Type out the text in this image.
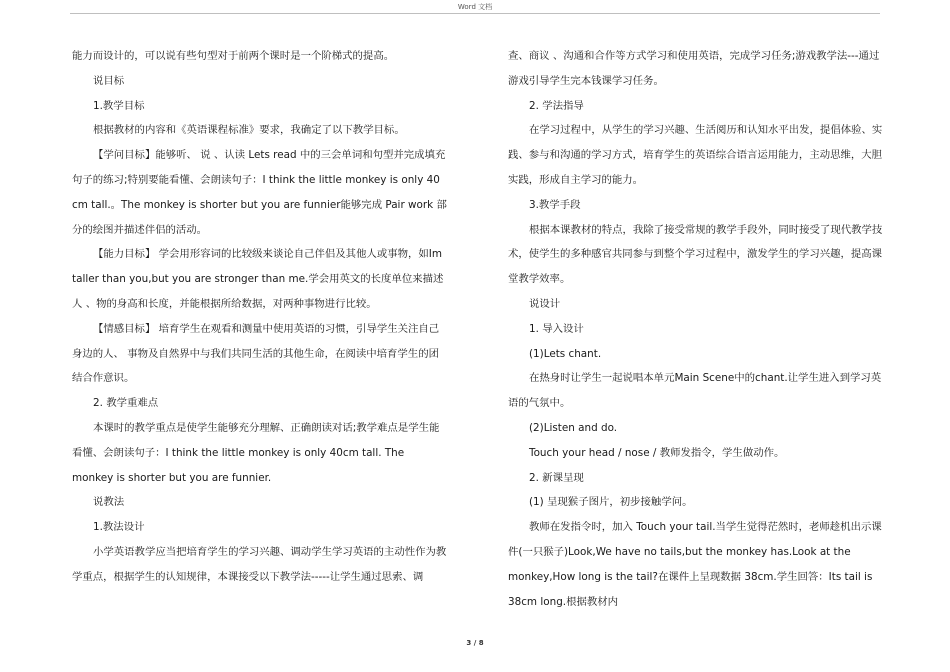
Word 文档

能力而设计的，可以说有些句型对于前两个课时是一个阶梯式的提高。

说目标

1.教学目标

根据教材的内容和《英语课程标准》要求，我确定了以下教学目标。

【学问目标】能够听、 说 、认读 Lets read 中的三会单词和句型并完成填充句子的练习;特别要能看懂、会朗读句子：I think the little monkey is only 40 cm tall.。The monkey is shorter but you are funnier能够完成 Pair work 部分的绘图并描述伴侣的活动。

【能力目标】 学会用形容词的比较级来谈论自己伴侣及其他人或事物，如Im taller than you,but you are stronger than me.学会用英文的长度单位来描述人 、物的身高和长度，并能根据所给数据，对两种事物进行比较。

【情感目标】 培育学生在观看和测量中使用英语的习惯，引导学生关注自己身边的人、 事物及自然界中与我们共同生活的其他生命，在阅读中培育学生的团结合作意识。

2. 教学重难点

本课时的教学重点是使学生能够充分理解、正确朗读对话;教学难点是学生能看懂、会朗读句子：I think the little monkey is only 40cm tall. The monkey is shorter but you are funnier.

说教法

1.教法设计

小学英语教学应当把培育学生的学习兴趣、调动学生学习英语的主动性作为教学重点，根据学生的认知规律，本课接受以下教学法-----让学生通过思索、调

查、商议 、沟通和合作等方式学习和使用英语，完成学习任务;游戏教学法---通过游戏引导学生完本钱课学习任务。

2. 学法指导

在学习过程中，从学生的学习兴趣、生活阅历和认知水平出发，提倡体验、实践、参与和沟通的学习方式，培育学生的英语综合语言运用能力，主动思维，大胆实践，形成自主学习的能力。

3.教学手段

根据本课教材的特点，我除了接受常规的教学手段外，同时接受了现代教学技术，使学生的多种感官共同参与到整个学习过程中，激发学生的学习兴趣，提高课堂教学效率。

说设计

1. 导入设计

(1)Lets chant.

在热身时让学生一起说唱本单元Main Scene中的chant.让学生进入到学习英语的气氛中。

(2)Listen and do.

Touch your head / nose / 教师发指令，学生做动作。

2. 新课呈现

(1) 呈现猴子图片，初步接触学问。

教师在发指令时，加入 Touch your tail.当学生觉得茫然时，老师趁机出示课件(一只猴子)Look,We have no tails,but the monkey has.Look at the monkey,How long is the tail?在课件上呈现数据 38cm.学生回答：Its tail is 38cm long.根据教材内

3 / 8
